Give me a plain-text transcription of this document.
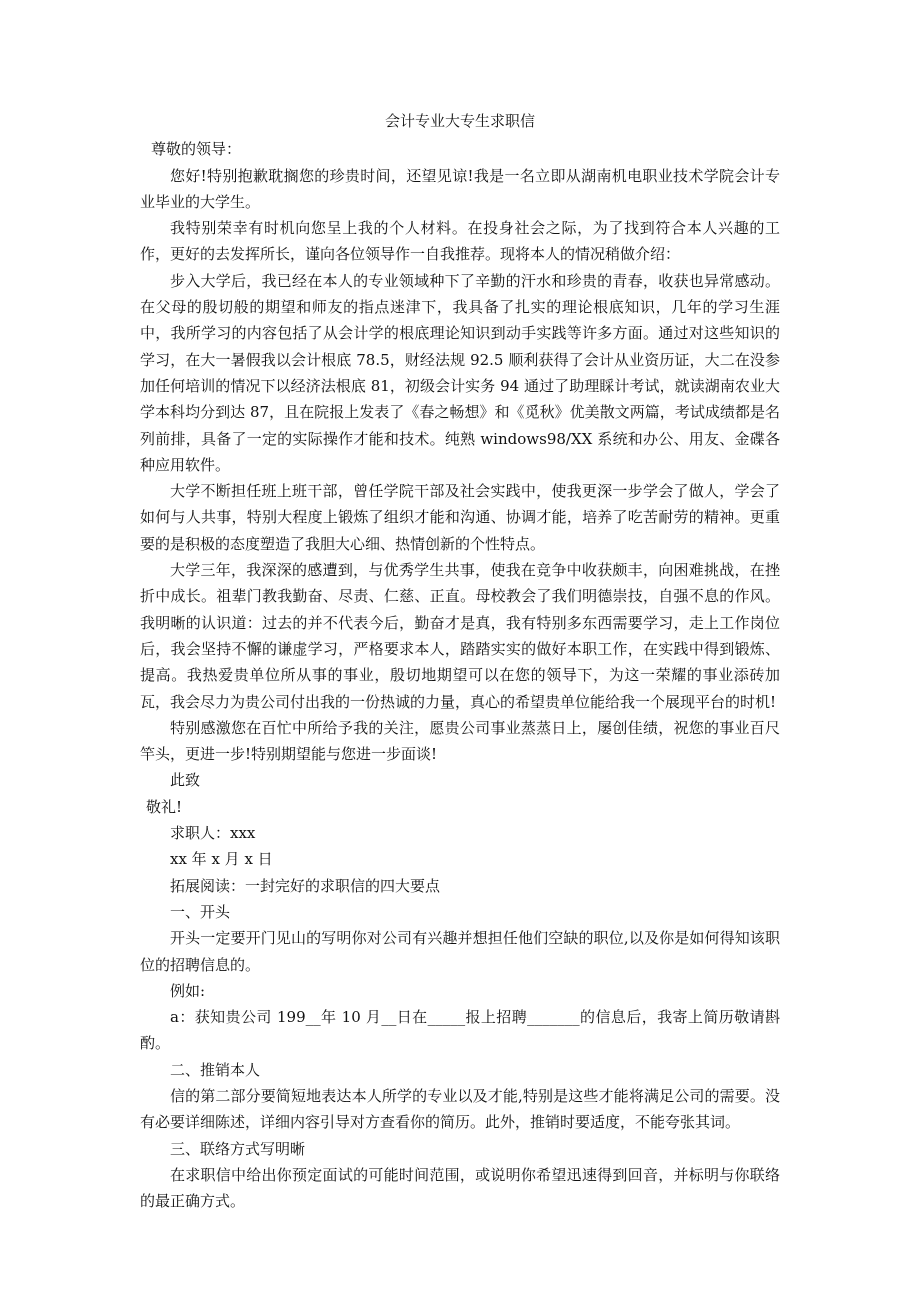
会计专业大专生求职信

尊敬的领导：

您好!特别抱歉耽搁您的珍贵时间，还望见谅!我是一名立即从湖南机电职业技术学院会计专业毕业的大学生。

我特别荣幸有时机向您呈上我的个人材料。在投身社会之际，为了找到符合本人兴趣的工作，更好的去发挥所长，谨向各位领导作一自我推荐。现将本人的情况稍做介绍：

步入大学后，我已经在本人的专业领域种下了辛勤的汗水和珍贵的青春，收获也异常感动。在父母的殷切般的期望和师友的指点迷津下，我具备了扎实的理论根底知识，几年的学习生涯中，我所学习的内容包括了从会计学的根底理论知识到动手实践等许多方面。通过对这些知识的学习，在大一暑假我以会计根底 78.5，财经法规 92.5 顺利获得了会计从业资历证，大二在没参加任何培训的情况下以经济法根底 81，初级会计实务 94 通过了助理睬计考试，就读湖南农业大学本科均分到达 87，且在院报上发表了《春之畅想》和《觅秋》优美散文两篇，考试成绩都是名列前排，具备了一定的实际操作才能和技术。纯熟 windows98/XX 系统和办公、用友、金碟各种应用软件。

大学不断担任班上班干部，曾任学院干部及社会实践中，使我更深一步学会了做人，学会了如何与人共事，特别大程度上锻炼了组织才能和沟通、协调才能，培养了吃苦耐劳的精神。更重要的是积极的态度塑造了我胆大心细、热情创新的个性特点。

大学三年，我深深的感遭到，与优秀学生共事，使我在竞争中收获颇丰，向困难挑战，在挫折中成长。祖辈门教我勤奋、尽责、仁慈、正直。母校教会了我们明德崇技，自强不息的作风。我明晰的认识道：过去的并不代表今后，勤奋才是真，我有特别多东西需要学习，走上工作岗位后，我会坚持不懈的谦虚学习，严格要求本人，踏踏实实的做好本职工作，在实践中得到锻炼、提高。我热爱贵单位所从事的事业，殷切地期望可以在您的领导下，为这一荣耀的事业添砖加瓦，我会尽力为贵公司付出我的一份热诚的力量，真心的希望贵单位能给我一个展现平台的时机!

特别感激您在百忙中所给予我的关注，愿贵公司事业蒸蒸日上，屡创佳绩，祝您的事业百尺竿头，更进一步!特别期望能与您进一步面谈!

此致

敬礼!

求职人：xxx

xx 年 x 月 x 日

拓展阅读：一封完好的求职信的四大要点

一、开头

开头一定要开门见山的写明你对公司有兴趣并想担任他们空缺的职位,以及你是如何得知该职位的招聘信息的。

例如:

a：获知贵公司 199__年 10 月__日在_____报上招聘_______的信息后，我寄上简历敬请斟酌。

二、推销本人

信的第二部分要简短地表达本人所学的专业以及才能,特别是这些才能将满足公司的需要。没有必要详细陈述，详细内容引导对方查看你的简历。此外，推销时要适度，不能夸张其词。

三、联络方式写明晰

在求职信中给出你预定面试的可能时间范围，或说明你希望迅速得到回音，并标明与你联络的最正确方式。
